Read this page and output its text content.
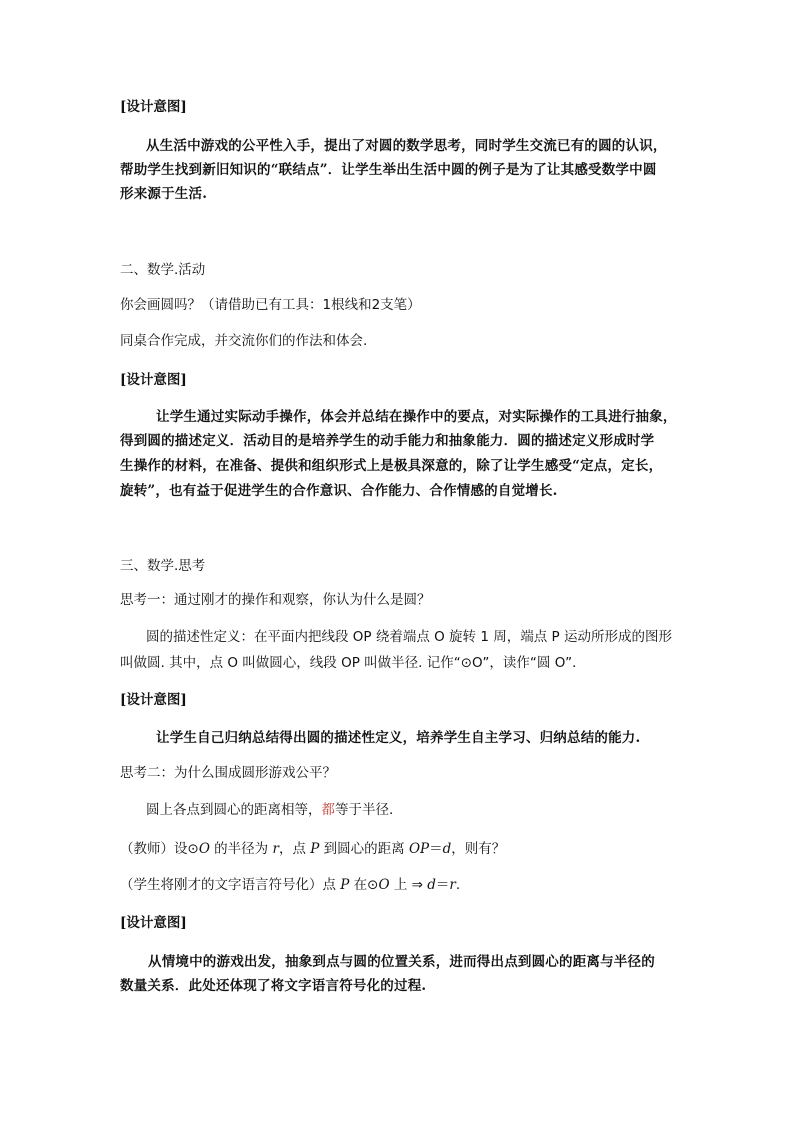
[设计意图]
从生活中游戏的公平性入手，提出了对圆的数学思考，同时学生交流已有的圆的认识，
帮助学生找到新旧知识的“联结点”．让学生举出生活中圆的例子是为了让其感受数学中圆
形来源于生活.
二、数学.活动
你会画圆吗？（请借助已有工具：1根线和2支笔）
同桌合作完成，并交流你们的作法和体会.
[设计意图]
让学生通过实际动手操作，体会并总结在操作中的要点，对实际操作的工具进行抽象，
得到圆的描述定义．活动目的是培养学生的动手能力和抽象能力．圆的描述定义形成时学
生操作的材料，在准备、提供和组织形式上是极具深意的，除了让学生感受“定点，定长，
旋转”，也有益于促进学生的合作意识、合作能力、合作情感的自觉增长.
三、数学.思考
思考一：通过刚才的操作和观察，你认为什么是圆？
圆的描述性定义：在平面内把线段 OP 绕着端点 O 旋转 1 周，端点 P 运动所形成的图形
叫做圆. 其中，点 O 叫做圆心，线段 OP 叫做半径. 记作“⊙O”，读作“圆 O”．
[设计意图]
让学生自己归纳总结得出圆的描述性定义，培养学生自主学习、归纳总结的能力.
思考二：为什么围成圆形游戏公平？
圆上各点到圆心的距离相等，都等于半径.
（教师）设⊙O 的半径为 r，点 P 到圆心的距离 OP＝d，则有？
（学生将刚才的文字语言符号化）点 P 在⊙O 上 ⇒ d＝r.
[设计意图]
从情境中的游戏出发，抽象到点与圆的位置关系，进而得出点到圆心的距离与半径的
数量关系．此处还体现了将文字语言符号化的过程.
